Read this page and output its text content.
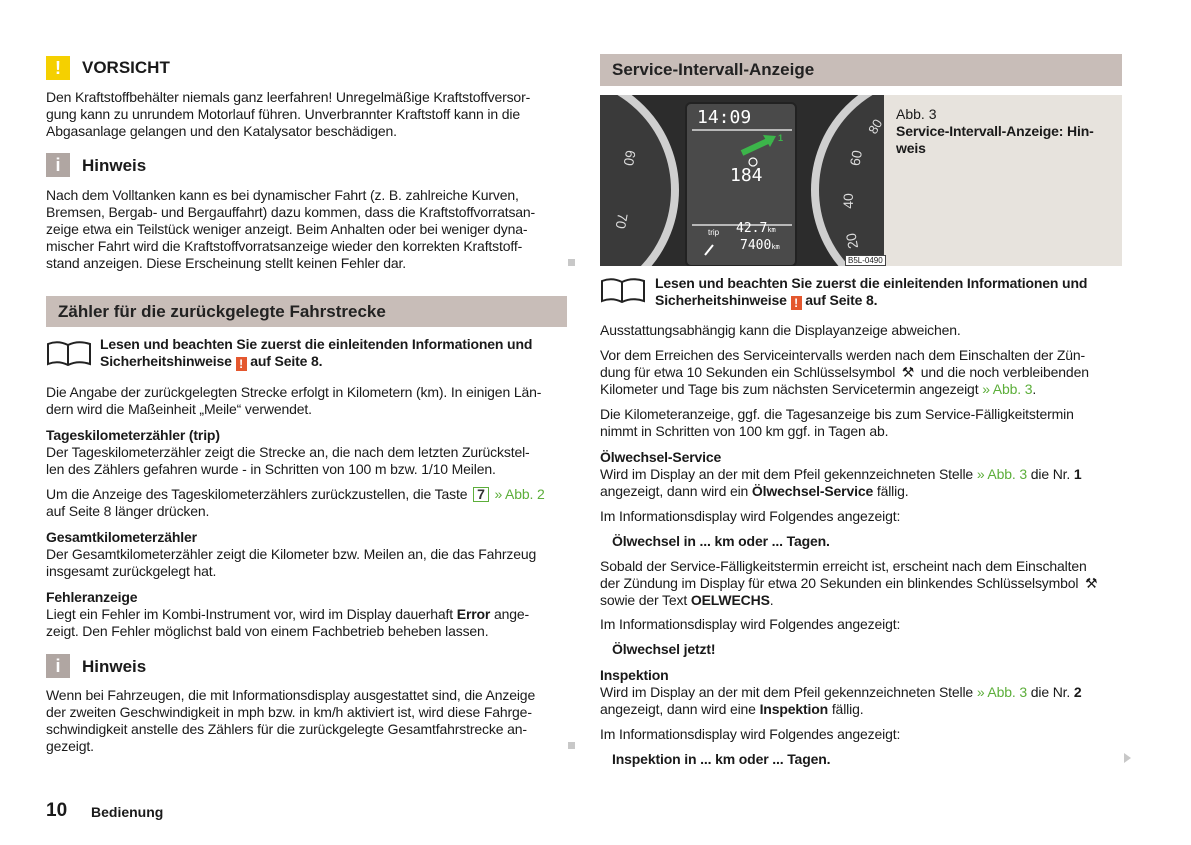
!	VORSICHT
Den Kraftstoffbehälter niemals ganz leerfahren! Unregelmäßige Kraftstoffversor-
gung kann zu unrundem Motorlauf führen. Unverbrannter Kraftstoff kann in die
Abgasanlage gelangen und den Katalysator beschädigen.
i	Hinweis
Nach dem Volltanken kann es bei dynamischer Fahrt (z. B. zahlreiche Kurven,
Bremsen, Bergab- und Bergauffahrt) dazu kommen, dass die Kraftstoffvorratsan-
zeige etwa ein Teilstück weniger anzeigt. Beim Anhalten oder bei weniger dyna-
mischer Fahrt wird die Kraftstoffvorratsanzeige wieder den korrekten Kraftstoff-
stand anzeigen. Diese Erscheinung stellt keinen Fehler dar.
Zähler für die zurückgelegte Fahrstrecke
Lesen und beachten Sie zuerst die einleitenden Informationen und
Sicherheitshinweise ! auf Seite 8.
Die Angabe der zurückgelegten Strecke erfolgt in Kilometern (km). In einigen Län-
dern wird die Maßeinheit „Meile“ verwendet.
Tageskilometerzähler (trip)
Der Tageskilometerzähler zeigt die Strecke an, die nach dem letzten Zurückstel-
len des Zählers gefahren wurde - in Schritten von 100 m bzw. 1/10 Meilen.
Um die Anzeige des Tageskilometerzählers zurückzustellen, die Taste 7 » Abb. 2
auf Seite 8 länger drücken.
Gesamtkilometerzähler
Der Gesamtkilometerzähler zeigt die Kilometer bzw. Meilen an, die das Fahrzeug
insgesamt zurückgelegt hat.
Fehleranzeige
Liegt ein Fehler im Kombi-Instrument vor, wird im Display dauerhaft Error ange-
zeigt. Den Fehler möglichst bald von einem Fachbetrieb beheben lassen.
i	Hinweis
Wenn bei Fahrzeugen, die mit Informationsdisplay ausgestattet sind, die Anzeige
der zweiten Geschwindigkeit in mph bzw. in km/h aktiviert ist, wird diese Fahrge-
schwindigkeit anstelle des Zählers für die zurückgelegte Gesamtfahrstrecke an-
gezeigt.
10 Bedienung
Service-Intervall-Anzeige
14:09
1
184
trip 42.7km
7400km
60
70
80
60
40
20
B5L-0490
Abb. 3
Service-Intervall-Anzeige: Hin-
weis
Lesen und beachten Sie zuerst die einleitenden Informationen und
Sicherheitshinweise ! auf Seite 8.
Ausstattungsabhängig kann die Displayanzeige abweichen.
Vor dem Erreichen des Serviceintervalls werden nach dem Einschalten der Zün-
dung für etwa 10 Sekunden ein Schlüsselsymbol ⚒ und die noch verbleibenden
Kilometer und Tage bis zum nächsten Servicetermin angezeigt » Abb. 3.
Die Kilometeranzeige, ggf. die Tagesanzeige bis zum Service-Fälligkeitstermin
nimmt in Schritten von 100 km ggf. in Tagen ab.
Ölwechsel-Service
Wird im Display an der mit dem Pfeil gekennzeichneten Stelle » Abb. 3 die Nr. 1
angezeigt, dann wird ein Ölwechsel-Service fällig.
Im Informationsdisplay wird Folgendes angezeigt:
Ölwechsel in ... km oder ... Tagen.
Sobald der Service-Fälligkeitstermin erreicht ist, erscheint nach dem Einschalten
der Zündung im Display für etwa 20 Sekunden ein blinkendes Schlüsselsymbol ⚒
sowie der Text OELWECHS.
Im Informationsdisplay wird Folgendes angezeigt:
Ölwechsel jetzt!
Inspektion
Wird im Display an der mit dem Pfeil gekennzeichneten Stelle » Abb. 3 die Nr. 2
angezeigt, dann wird eine Inspektion fällig.
Im Informationsdisplay wird Folgendes angezeigt:
Inspektion in ... km oder ... Tagen.
